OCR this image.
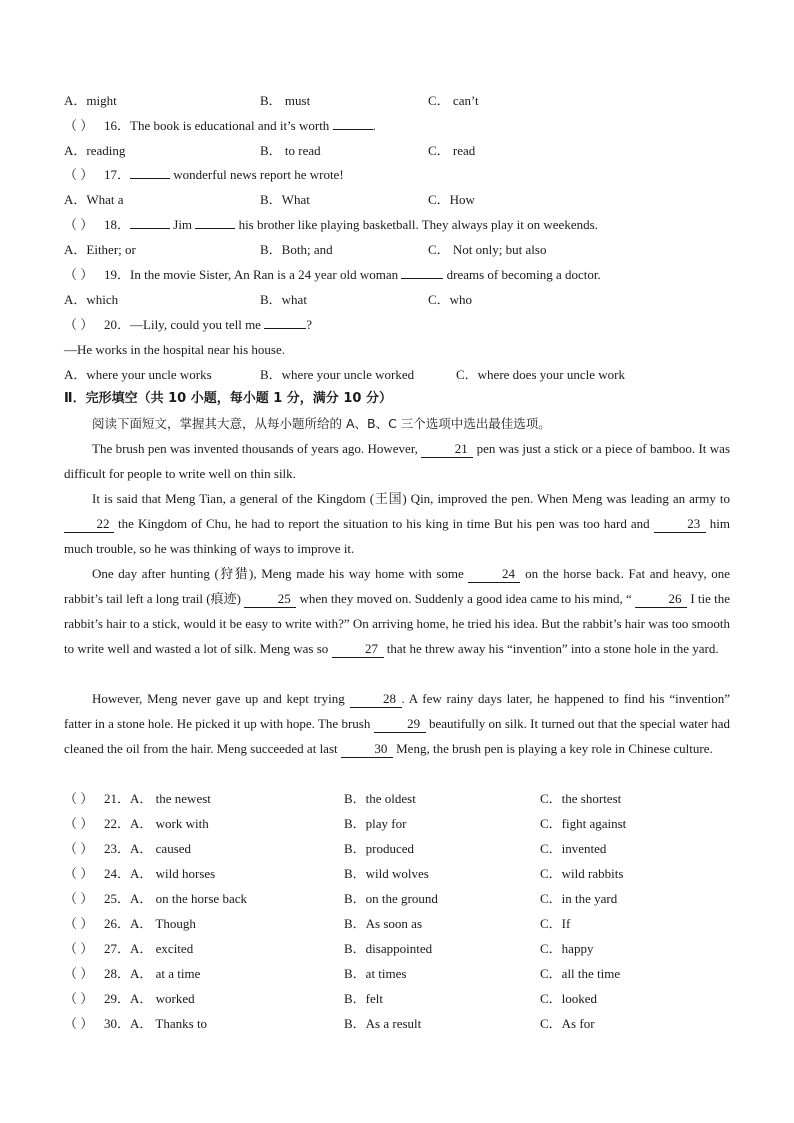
A．might	B． must	C． can’t
（ ） 16．The book is educational and it’s worth	.
A．reading	B． to read	C． read
（ ） 17．	wonderful news report he wrote!
A．What a	B．What	C．How
（ ） 18．	Jim	his brother like playing basketball. They always play it on weekends.
A．Either; or	B．Both; and	C． Not only; but also
（ ） 19．In the movie Sister, An Ran is a 24 year old woman	dreams of becoming a doctor.
A．which	B．what	C．who
（ ） 20．—Lily, could you tell me	?
—He works in the hospital near his house.
A．where your uncle works	B．where your uncle worked	C．where does your uncle work
Ⅱ．完形填空（共 10 小题，每小题 1 分，满分 10 分）
阅读下面短文，掌握其大意，从每小题所给的 A、B、C 三个选项中选出最佳选项。
The brush pen was invented thousands of years ago. However,	21 pen was just a stick or a piece of bamboo. It was difficult for people to write well on thin silk.
It is said that Meng Tian, a general of the Kingdom (王国) Qin, improved the pen. When Meng was leading an army to 22 the Kingdom of Chu, he had to report the situation to his king in time But his pen was too hard and	23 him much trouble, so he was thinking of ways to improve it.
One day after hunting (狩猎), Meng made his way home with some	24 on the horse back. Fat and heavy, one rabbit’s tail left a long trail (痕迹)	25 when they moved on. Suddenly a good idea came to his mind, “	26 I tie the rabbit’s hair to a stick, would it be easy to write with?” On arriving home, he tried his idea. But the rabbit’s hair was too smooth to write well and wasted a lot of silk. Meng was so	27 that he threw away his “invention” into a stone hole in the yard.
However, Meng never gave up and kept trying	28 . A few rainy days later, he happened to find his “invention” fatter in a stone hole. He picked it up with hope. The brush	29 beautifully on silk. It turned out that the special water had cleaned the oil from the hair. Meng succeeded at last	30 Meng, the brush pen is playing a key role in Chinese culture.
（ ） 21．A． the newest	B．the oldest	C．the shortest
（ ） 22．A． work with	B．play for	C．fight against
（ ） 23．A． caused	B．produced	C．invented
（ ） 24．A． wild horses	B．wild wolves	C．wild rabbits
（ ） 25．A． on the horse back	B．on the ground	C．in the yard
（ ） 26．A． Though	B．As soon as	C．If
（ ） 27．A． excited	B．disappointed	C．happy
（ ） 28．A． at a time	B．at times	C．all the time
（ ） 29．A． worked	B．felt	C．looked
（ ） 30．A． Thanks to	B．As a result	C．As for
